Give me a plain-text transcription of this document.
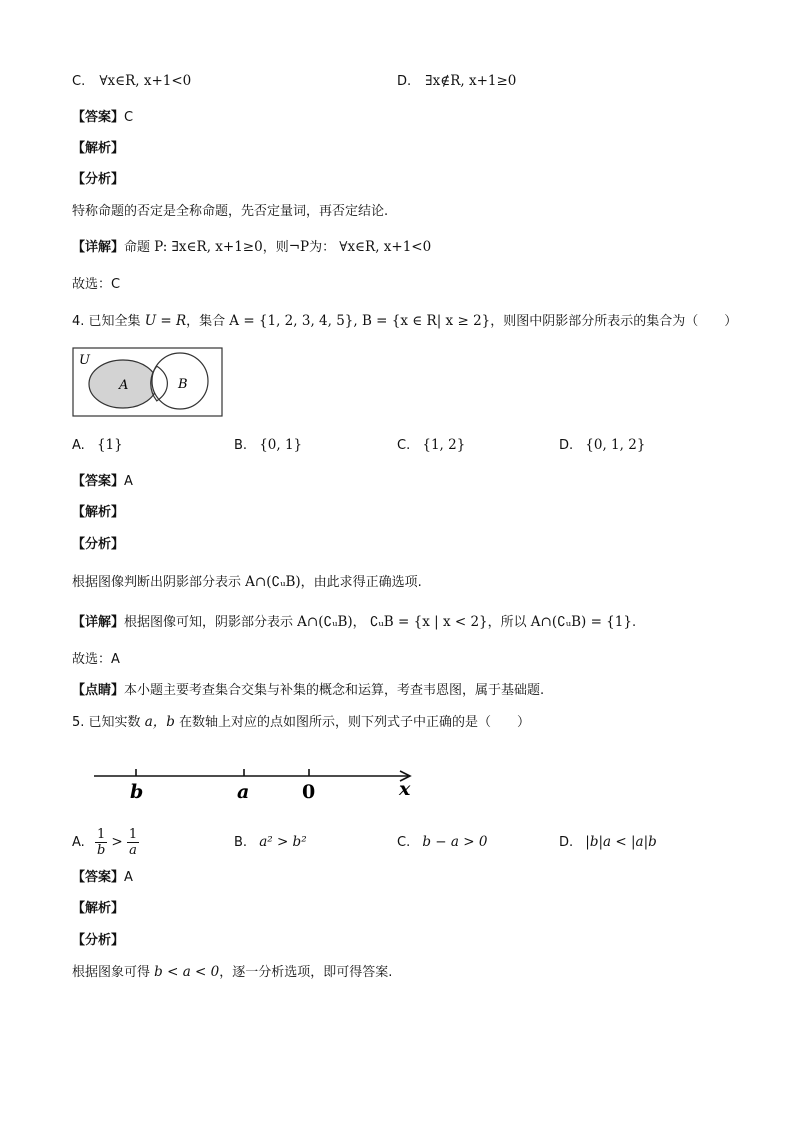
C. ∀x∈R, x+1<0	D. ∃x∉R, x+1≥0
【答案】C
【解析】
【分析】
特称命题的否定是全称命题，先否定量词，再否定结论.
【详解】命题 P: ∃x∈R, x+1≥0，则¬P为： ∀x∈R, x+1<0
故选：C
4. 已知全集 U = R，集合 A = {1, 2, 3, 4, 5}, B = {x ∈ R| x ≥ 2}，则图中阴影部分所表示的集合为（　　）
U
A	B
A. {1}	B. {0, 1}	C. {1, 2}	D. {0, 1, 2}
【答案】A
【解析】
【分析】
根据图像判断出阴影部分表示 A∩(∁ᵤB)，由此求得正确选项.
【详解】根据图像可知，阴影部分表示 A∩(∁ᵤB)， ∁ᵤB = {x | x < 2}，所以 A∩(∁ᵤB) = {1}.
故选：A
【点睛】本小题主要考查集合交集与补集的概念和运算，考查韦恩图，属于基础题.
5. 已知实数 a，b 在数轴上对应的点如图所示，则下列式子中正确的是（　　）
b	a	0	x
A. $\frac{1}{b} > \frac{1}{a}$	B. a² > b²	C. b − a > 0	D. |b|a < |a|b
【答案】A
【解析】
【分析】
根据图象可得 b < a < 0，逐一分析选项，即可得答案.
